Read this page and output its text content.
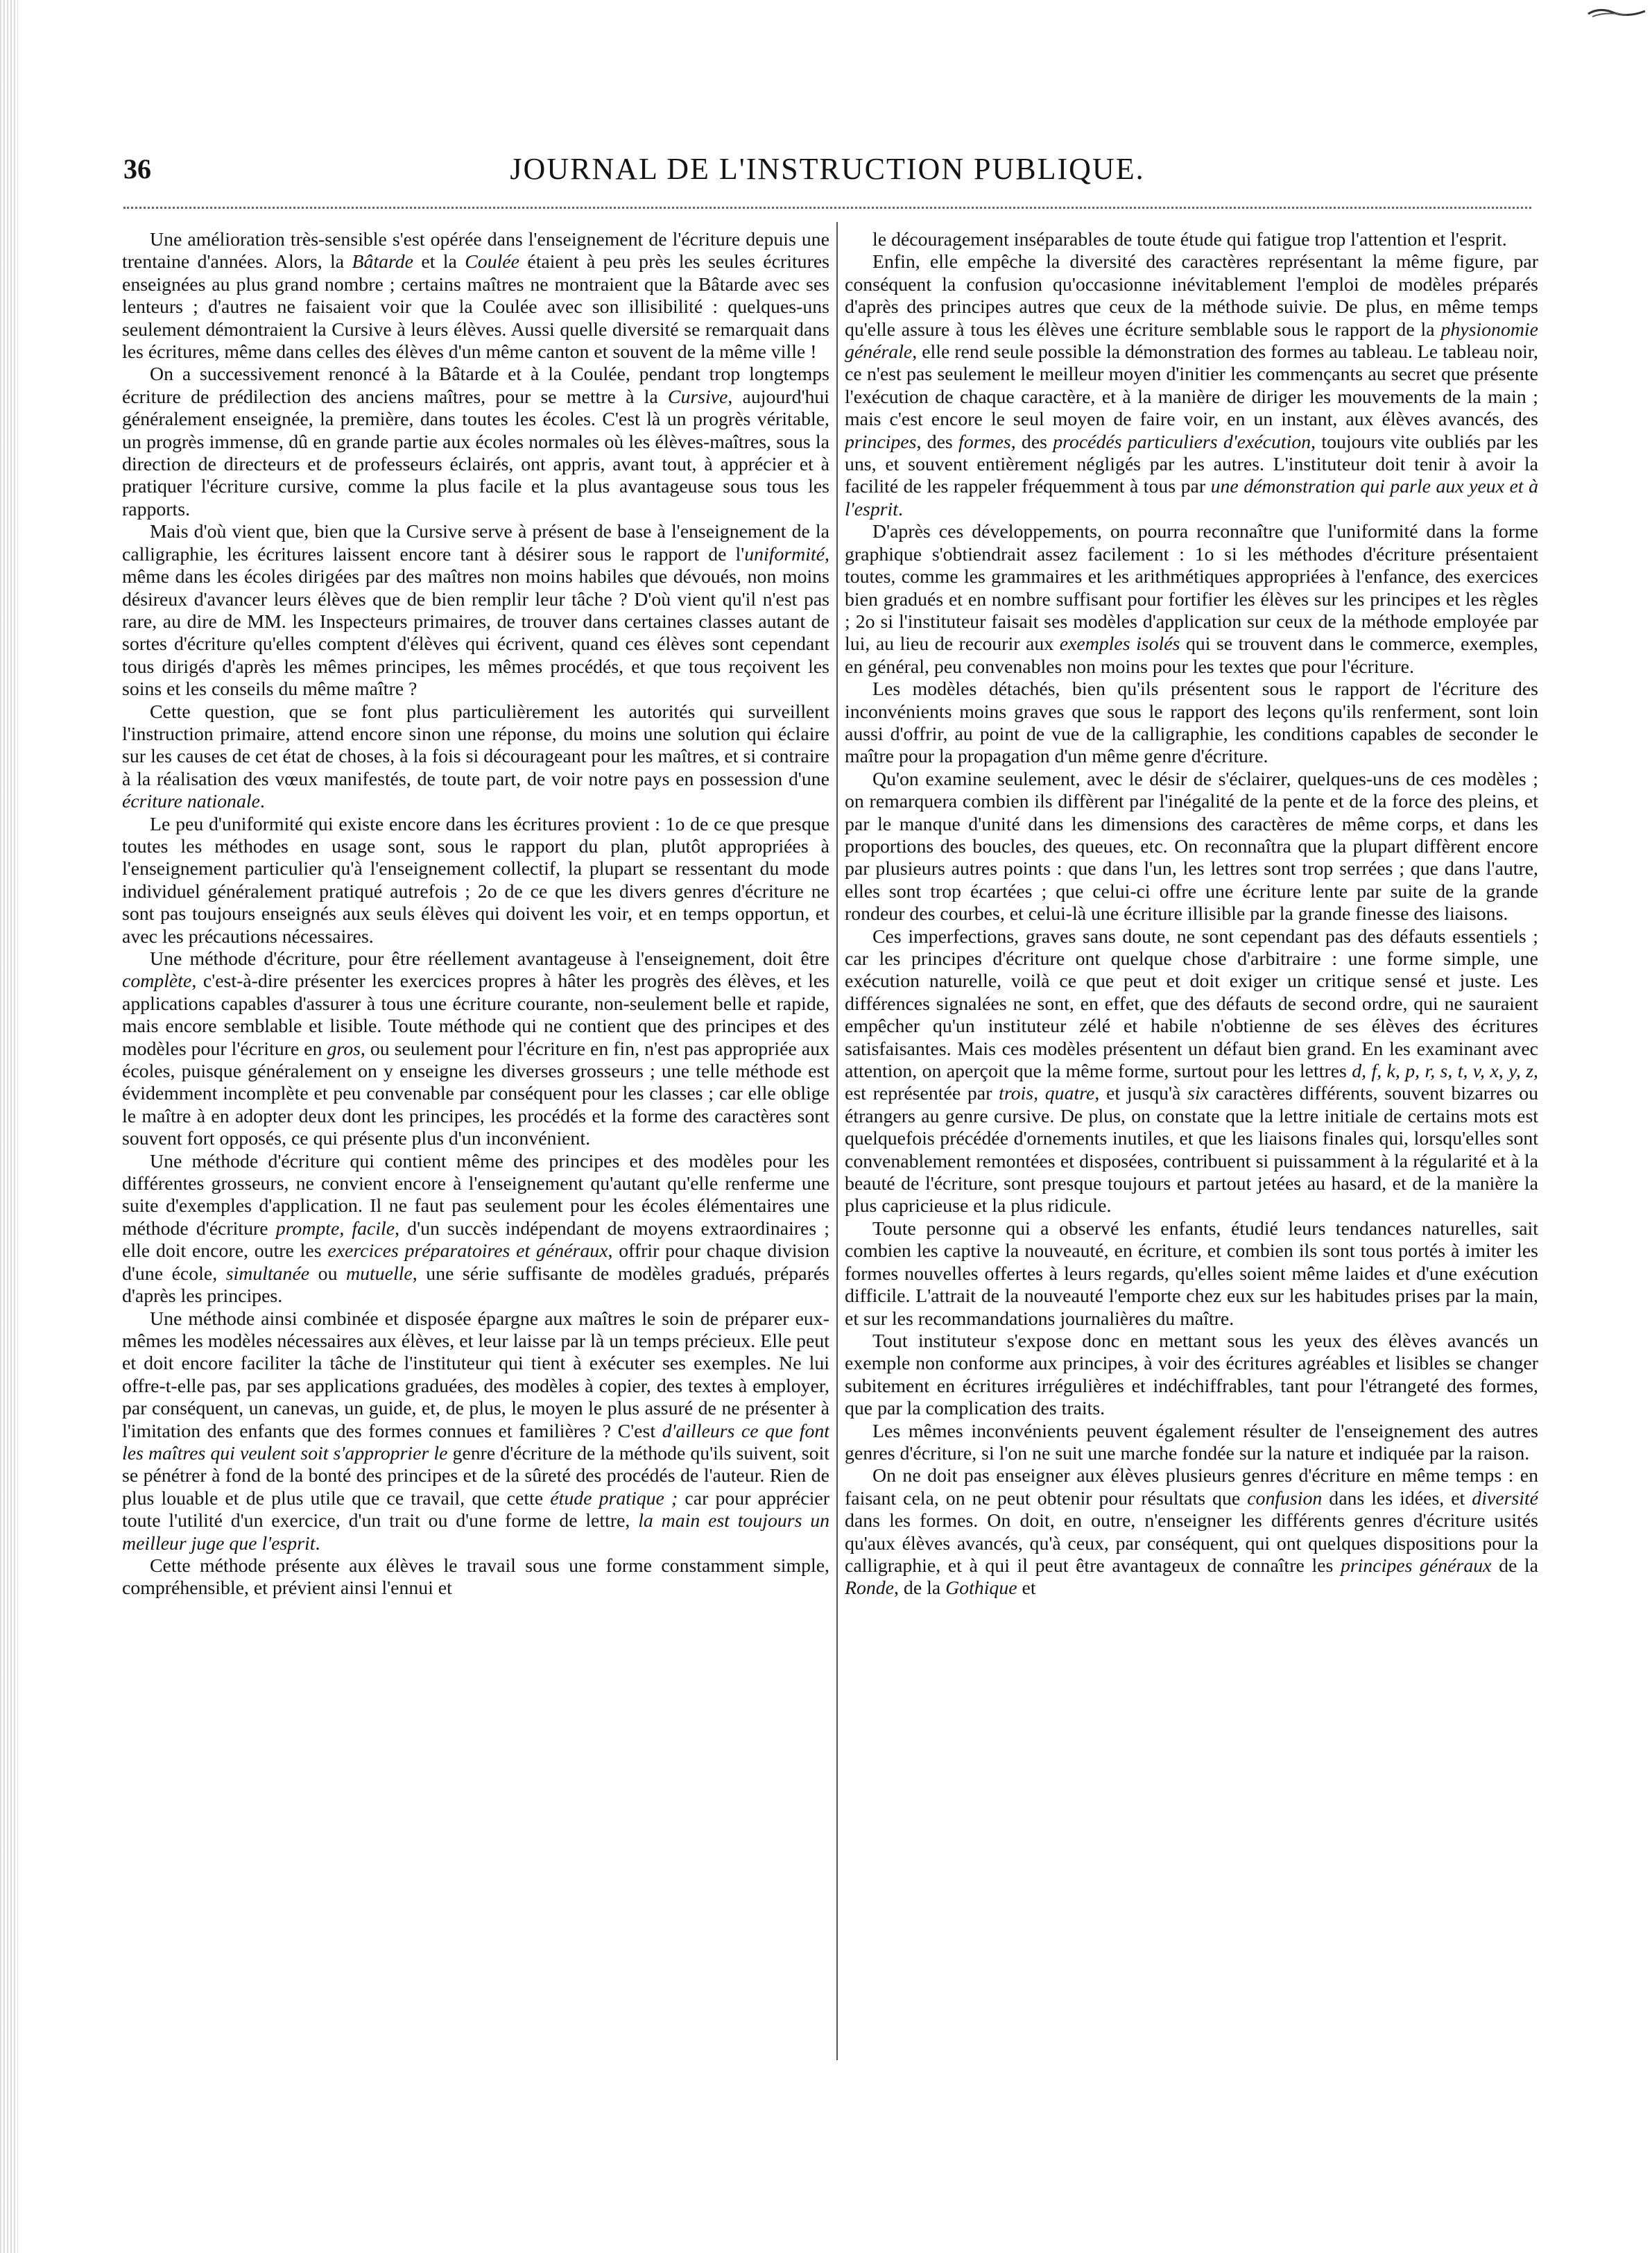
36	JOURNAL DE L'INSTRUCTION PUBLIQUE.

Une amélioration très-sensible s'est opérée dans l'enseignement de l'écriture depuis une trentaine d'années. Alors, la Bâtarde et la Coulée étaient à peu près les seules écritures enseignées au plus grand nombre ; certains maîtres ne montraient que la Bâtarde avec ses lenteurs ; d'autres ne faisaient voir que la Coulée avec son illisibilité : quelques-uns seulement démontraient la Cursive à leurs élèves. Aussi quelle diversité se remarquait dans les écritures, même dans celles des élèves d'un même canton et souvent de la même ville !

On a successivement renoncé à la Bâtarde et à la Coulée, pendant trop longtemps écriture de prédilection des anciens maîtres, pour se mettre à la Cursive, aujourd'hui généralement enseignée, la première, dans toutes les écoles. C'est là un progrès véritable, un progrès immense, dû en grande partie aux écoles normales où les élèves-maîtres, sous la direction de directeurs et de professeurs éclairés, ont appris, avant tout, à apprécier et à pratiquer l'écriture cursive, comme la plus facile et la plus avantageuse sous tous les rapports.

Mais d'où vient que, bien que la Cursive serve à présent de base à l'enseignement de la calligraphie, les écritures laissent encore tant à désirer sous le rapport de l'uniformité, même dans les écoles dirigées par des maîtres non moins habiles que dévoués, non moins désireux d'avancer leurs élèves que de bien remplir leur tâche ? D'où vient qu'il n'est pas rare, au dire de MM. les Inspecteurs primaires, de trouver dans certaines classes autant de sortes d'écriture qu'elles comptent d'élèves qui écrivent, quand ces élèves sont cependant tous dirigés d'après les mêmes principes, les mêmes procédés, et que tous reçoivent les soins et les conseils du même maître ?

Cette question, que se font plus particulièrement les autorités qui surveillent l'instruction primaire, attend encore sinon une réponse, du moins une solution qui éclaire sur les causes de cet état de choses, à la fois si décourageant pour les maîtres, et si contraire à la réalisation des vœux manifestés, de toute part, de voir notre pays en possession d'une écriture nationale.

Le peu d'uniformité qui existe encore dans les écritures provient : 1o de ce que presque toutes les méthodes en usage sont, sous le rapport du plan, plutôt appropriées à l'enseignement particulier qu'à l'enseignement collectif, la plupart se ressentant du mode individuel généralement pratiqué autrefois ; 2o de ce que les divers genres d'écriture ne sont pas toujours enseignés aux seuls élèves qui doivent les voir, et en temps opportun, et avec les précautions nécessaires.

Une méthode d'écriture, pour être réellement avantageuse à l'enseignement, doit être complète, c'est-à-dire présenter les exercices propres à hâter les progrès des élèves, et les applications capables d'assurer à tous une écriture courante, non-seulement belle et rapide, mais encore semblable et lisible. Toute méthode qui ne contient que des principes et des modèles pour l'écriture en gros, ou seulement pour l'écriture en fin, n'est pas appropriée aux écoles, puisque généralement on y enseigne les diverses grosseurs ; une telle méthode est évidemment incomplète et peu convenable par conséquent pour les classes ; car elle oblige le maître à en adopter deux dont les principes, les procédés et la forme des caractères sont souvent fort opposés, ce qui présente plus d'un inconvénient.

Une méthode d'écriture qui contient même des principes et des modèles pour les différentes grosseurs, ne convient encore à l'enseignement qu'autant qu'elle renferme une suite d'exemples d'application. Il ne faut pas seulement pour les écoles élémentaires une méthode d'écriture prompte, facile, d'un succès indépendant de moyens extraordinaires ; elle doit encore, outre les exercices préparatoires et généraux, offrir pour chaque division d'une école, simultanée ou mutuelle, une série suffisante de modèles gradués, préparés d'après les principes.

Une méthode ainsi combinée et disposée épargne aux maîtres le soin de préparer eux-mêmes les modèles nécessaires aux élèves, et leur laisse par là un temps précieux. Elle peut et doit encore faciliter la tâche de l'instituteur qui tient à exécuter ses exemples. Ne lui offre-t-elle pas, par ses applications graduées, des modèles à copier, des textes à employer, par conséquent, un canevas, un guide, et, de plus, le moyen le plus assuré de ne présenter à l'imitation des enfants que des formes connues et familières ? C'est d'ailleurs ce que font les maîtres qui veulent soit s'approprier le genre d'écriture de la méthode qu'ils suivent, soit se pénétrer à fond de la bonté des principes et de la sûreté des procédés de l'auteur. Rien de plus louable et de plus utile que ce travail, que cette étude pratique ; car pour apprécier toute l'utilité d'un exercice, d'un trait ou d'une forme de lettre, la main est toujours un meilleur juge que l'esprit.

Cette méthode présente aux élèves le travail sous une forme constamment simple, compréhensible, et prévient ainsi l'ennui et

le découragement inséparables de toute étude qui fatigue trop l'attention et l'esprit.

Enfin, elle empêche la diversité des caractères représentant la même figure, par conséquent la confusion qu'occasionne inévitablement l'emploi de modèles préparés d'après des principes autres que ceux de la méthode suivie. De plus, en même temps qu'elle assure à tous les élèves une écriture semblable sous le rapport de la physionomie générale, elle rend seule possible la démonstration des formes au tableau. Le tableau noir, ce n'est pas seulement le meilleur moyen d'initier les commençants au secret que présente l'exécution de chaque caractère, et à la manière de diriger les mouvements de la main ; mais c'est encore le seul moyen de faire voir, en un instant, aux élèves avancés, des principes, des formes, des procédés particuliers d'exécution, toujours vite oubliés par les uns, et souvent entièrement négligés par les autres. L'instituteur doit tenir à avoir la facilité de les rappeler fréquemment à tous par une démonstration qui parle aux yeux et à l'esprit.

D'après ces développements, on pourra reconnaître que l'uniformité dans la forme graphique s'obtiendrait assez facilement : 1o si les méthodes d'écriture présentaient toutes, comme les grammaires et les arithmétiques appropriées à l'enfance, des exercices bien gradués et en nombre suffisant pour fortifier les élèves sur les principes et les règles ; 2o si l'instituteur faisait ses modèles d'application sur ceux de la méthode employée par lui, au lieu de recourir aux exemples isolés qui se trouvent dans le commerce, exemples, en général, peu convenables non moins pour les textes que pour l'écriture.

Les modèles détachés, bien qu'ils présentent sous le rapport de l'écriture des inconvénients moins graves que sous le rapport des leçons qu'ils renferment, sont loin aussi d'offrir, au point de vue de la calligraphie, les conditions capables de seconder le maître pour la propagation d'un même genre d'écriture.

Qu'on examine seulement, avec le désir de s'éclairer, quelques-uns de ces modèles ; on remarquera combien ils diffèrent par l'inégalité de la pente et de la force des pleins, et par le manque d'unité dans les dimensions des caractères de même corps, et dans les proportions des boucles, des queues, etc. On reconnaîtra que la plupart diffèrent encore par plusieurs autres points : que dans l'un, les lettres sont trop serrées ; que dans l'autre, elles sont trop écartées ; que celui-ci offre une écriture lente par suite de la grande rondeur des courbes, et celui-là une écriture illisible par la grande finesse des liaisons.

Ces imperfections, graves sans doute, ne sont cependant pas des défauts essentiels ; car les principes d'écriture ont quelque chose d'arbitraire : une forme simple, une exécution naturelle, voilà ce que peut et doit exiger un critique sensé et juste. Les différences signalées ne sont, en effet, que des défauts de second ordre, qui ne sauraient empêcher qu'un instituteur zélé et habile n'obtienne de ses élèves des écritures satisfaisantes. Mais ces modèles présentent un défaut bien grand. En les examinant avec attention, on aperçoit que la même forme, surtout pour les lettres d, f, k, p, r, s, t, v, x, y, z, est représentée par trois, quatre, et jusqu'à six caractères différents, souvent bizarres ou étrangers au genre cursive. De plus, on constate que la lettre initiale de certains mots est quelquefois précédée d'ornements inutiles, et que les liaisons finales qui, lorsqu'elles sont convenablement remontées et disposées, contribuent si puissamment à la régularité et à la beauté de l'écriture, sont presque toujours et partout jetées au hasard, et de la manière la plus capricieuse et la plus ridicule.

Toute personne qui a observé les enfants, étudié leurs tendances naturelles, sait combien les captive la nouveauté, en écriture, et combien ils sont tous portés à imiter les formes nouvelles offertes à leurs regards, qu'elles soient même laides et d'une exécution difficile. L'attrait de la nouveauté l'emporte chez eux sur les habitudes prises par la main, et sur les recommandations journalières du maître.

Tout instituteur s'expose donc en mettant sous les yeux des élèves avancés un exemple non conforme aux principes, à voir des écritures agréables et lisibles se changer subitement en écritures irrégulières et indéchiffrables, tant pour l'étrangeté des formes, que par la complication des traits.

Les mêmes inconvénients peuvent également résulter de l'enseignement des autres genres d'écriture, si l'on ne suit une marche fondée sur la nature et indiquée par la raison.

On ne doit pas enseigner aux élèves plusieurs genres d'écriture en même temps : en faisant cela, on ne peut obtenir pour résultats que confusion dans les idées, et diversité dans les formes. On doit, en outre, n'enseigner les différents genres d'écriture usités qu'aux élèves avancés, qu'à ceux, par conséquent, qui ont quelques dispositions pour la calligraphie, et à qui il peut être avantageux de connaître les principes généraux de la Ronde, de la Gothique et
